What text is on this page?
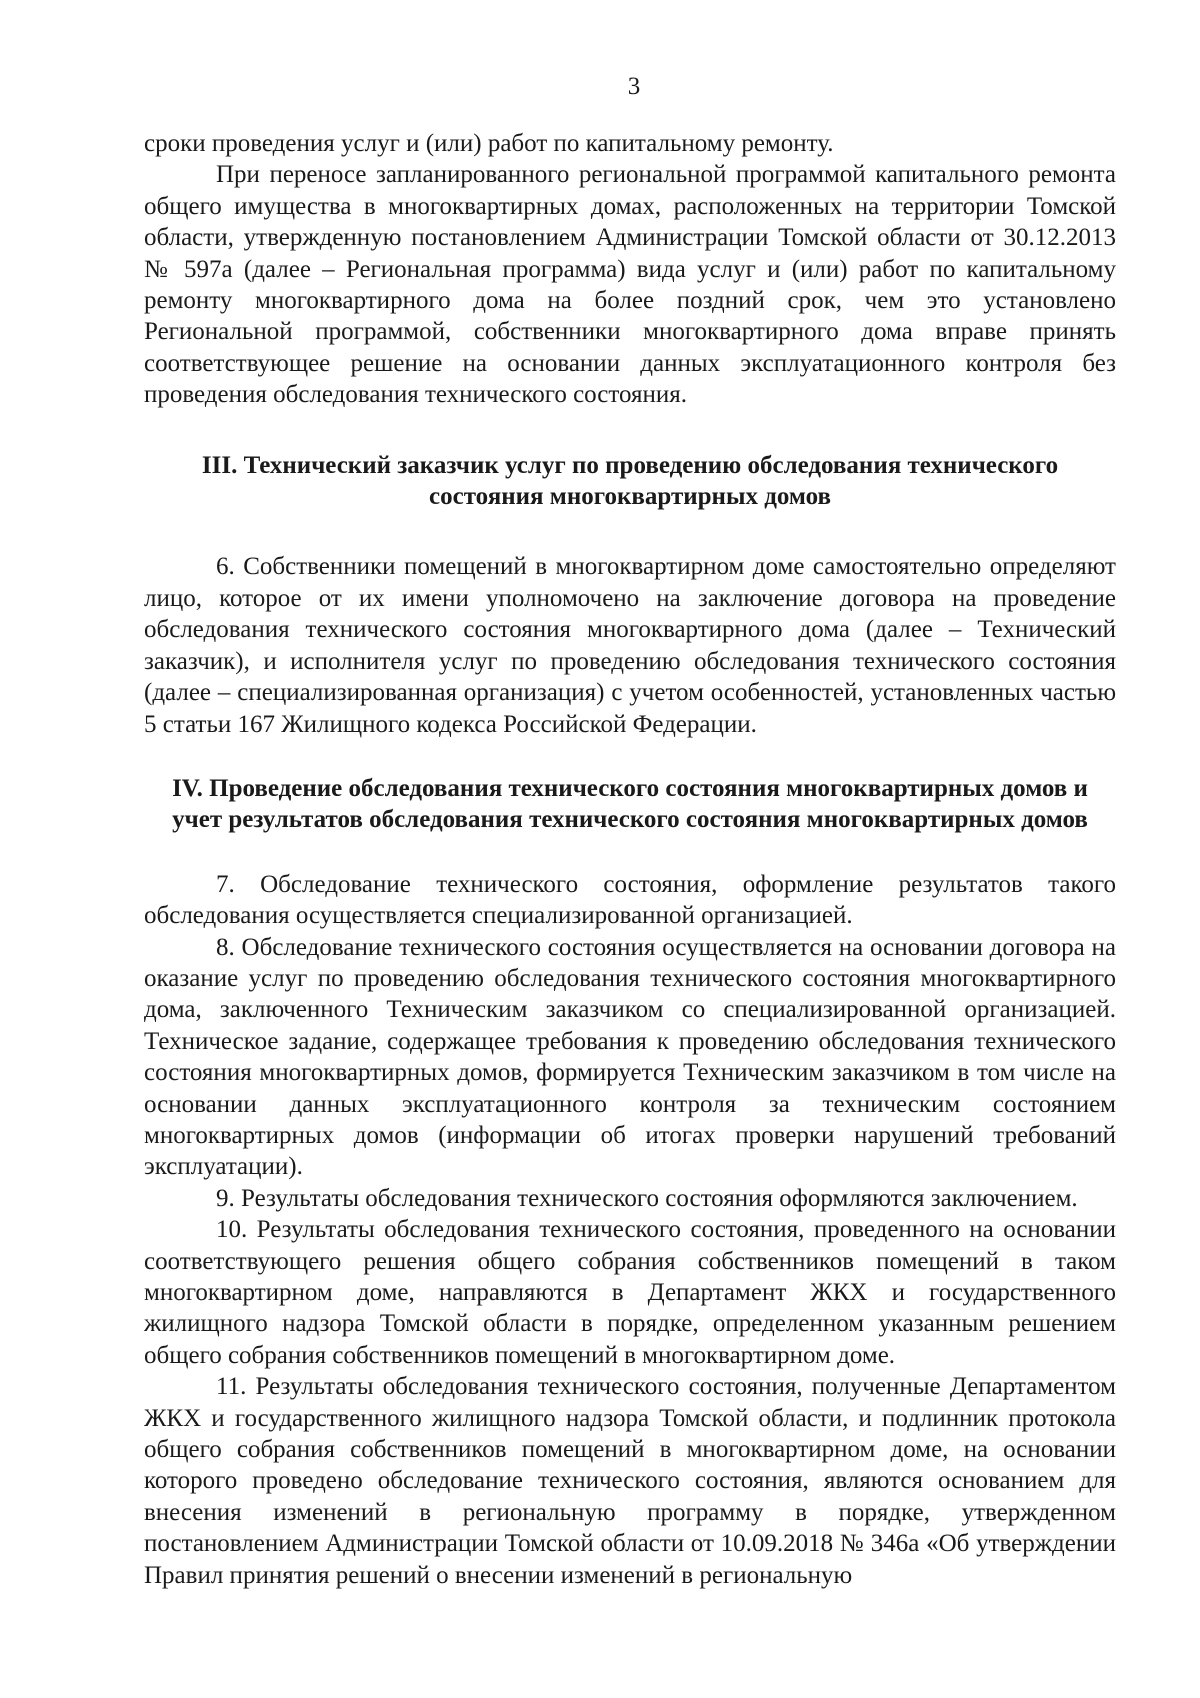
3

сроки проведения услуг и (или) работ по капитальному ремонту.

При переносе запланированного региональной программой капитального ремонта общего имущества в многоквартирных домах, расположенных на территории Томской области, утвержденную постановлением Администрации Томской области от 30.12.2013 № 597а (далее – Региональная программа) вида услуг и (или) работ по капитальному ремонту многоквартирного дома на более поздний срок, чем это установлено Региональной программой, собственники многоквартирного дома вправе принять соответствующее решение на основании данных эксплуатационного контроля без проведения обследования технического состояния.

III. Технический заказчик услуг по проведению обследования технического состояния многоквартирных домов

6. Собственники помещений в многоквартирном доме самостоятельно определяют лицо, которое от их имени уполномочено на заключение договора на проведение обследования технического состояния многоквартирного дома (далее – Технический заказчик), и исполнителя услуг по проведению обследования технического состояния (далее – специализированная организация) с учетом особенностей, установленных частью 5 статьи 167 Жилищного кодекса Российской Федерации.

IV. Проведение обследования технического состояния многоквартирных домов и учет результатов обследования технического состояния многоквартирных домов

7. Обследование технического состояния, оформление результатов такого обследования осуществляется специализированной организацией.

8. Обследование технического состояния осуществляется на основании договора на оказание услуг по проведению обследования технического состояния многоквартирного дома, заключенного Техническим заказчиком со специализированной организацией. Техническое задание, содержащее требования к проведению обследования технического состояния многоквартирных домов, формируется Техническим заказчиком в том числе на основании данных эксплуатационного контроля за техническим состоянием многоквартирных домов (информации об итогах проверки нарушений требований эксплуатации).

9. Результаты обследования технического состояния оформляются заключением.

10. Результаты обследования технического состояния, проведенного на основании соответствующего решения общего собрания собственников помещений в таком многоквартирном доме, направляются в Департамент ЖКХ и государственного жилищного надзора Томской области в порядке, определенном указанным решением общего собрания собственников помещений в многоквартирном доме.

11. Результаты обследования технического состояния, полученные Департаментом ЖКХ и государственного жилищного надзора Томской области, и подлинник протокола общего собрания собственников помещений в многоквартирном доме, на основании которого проведено обследование технического состояния, являются основанием для внесения изменений в региональную программу в порядке, утвержденном постановлением Администрации Томской области от 10.09.2018 № 346а «Об утверждении Правил принятия решений о внесении изменений в региональную
